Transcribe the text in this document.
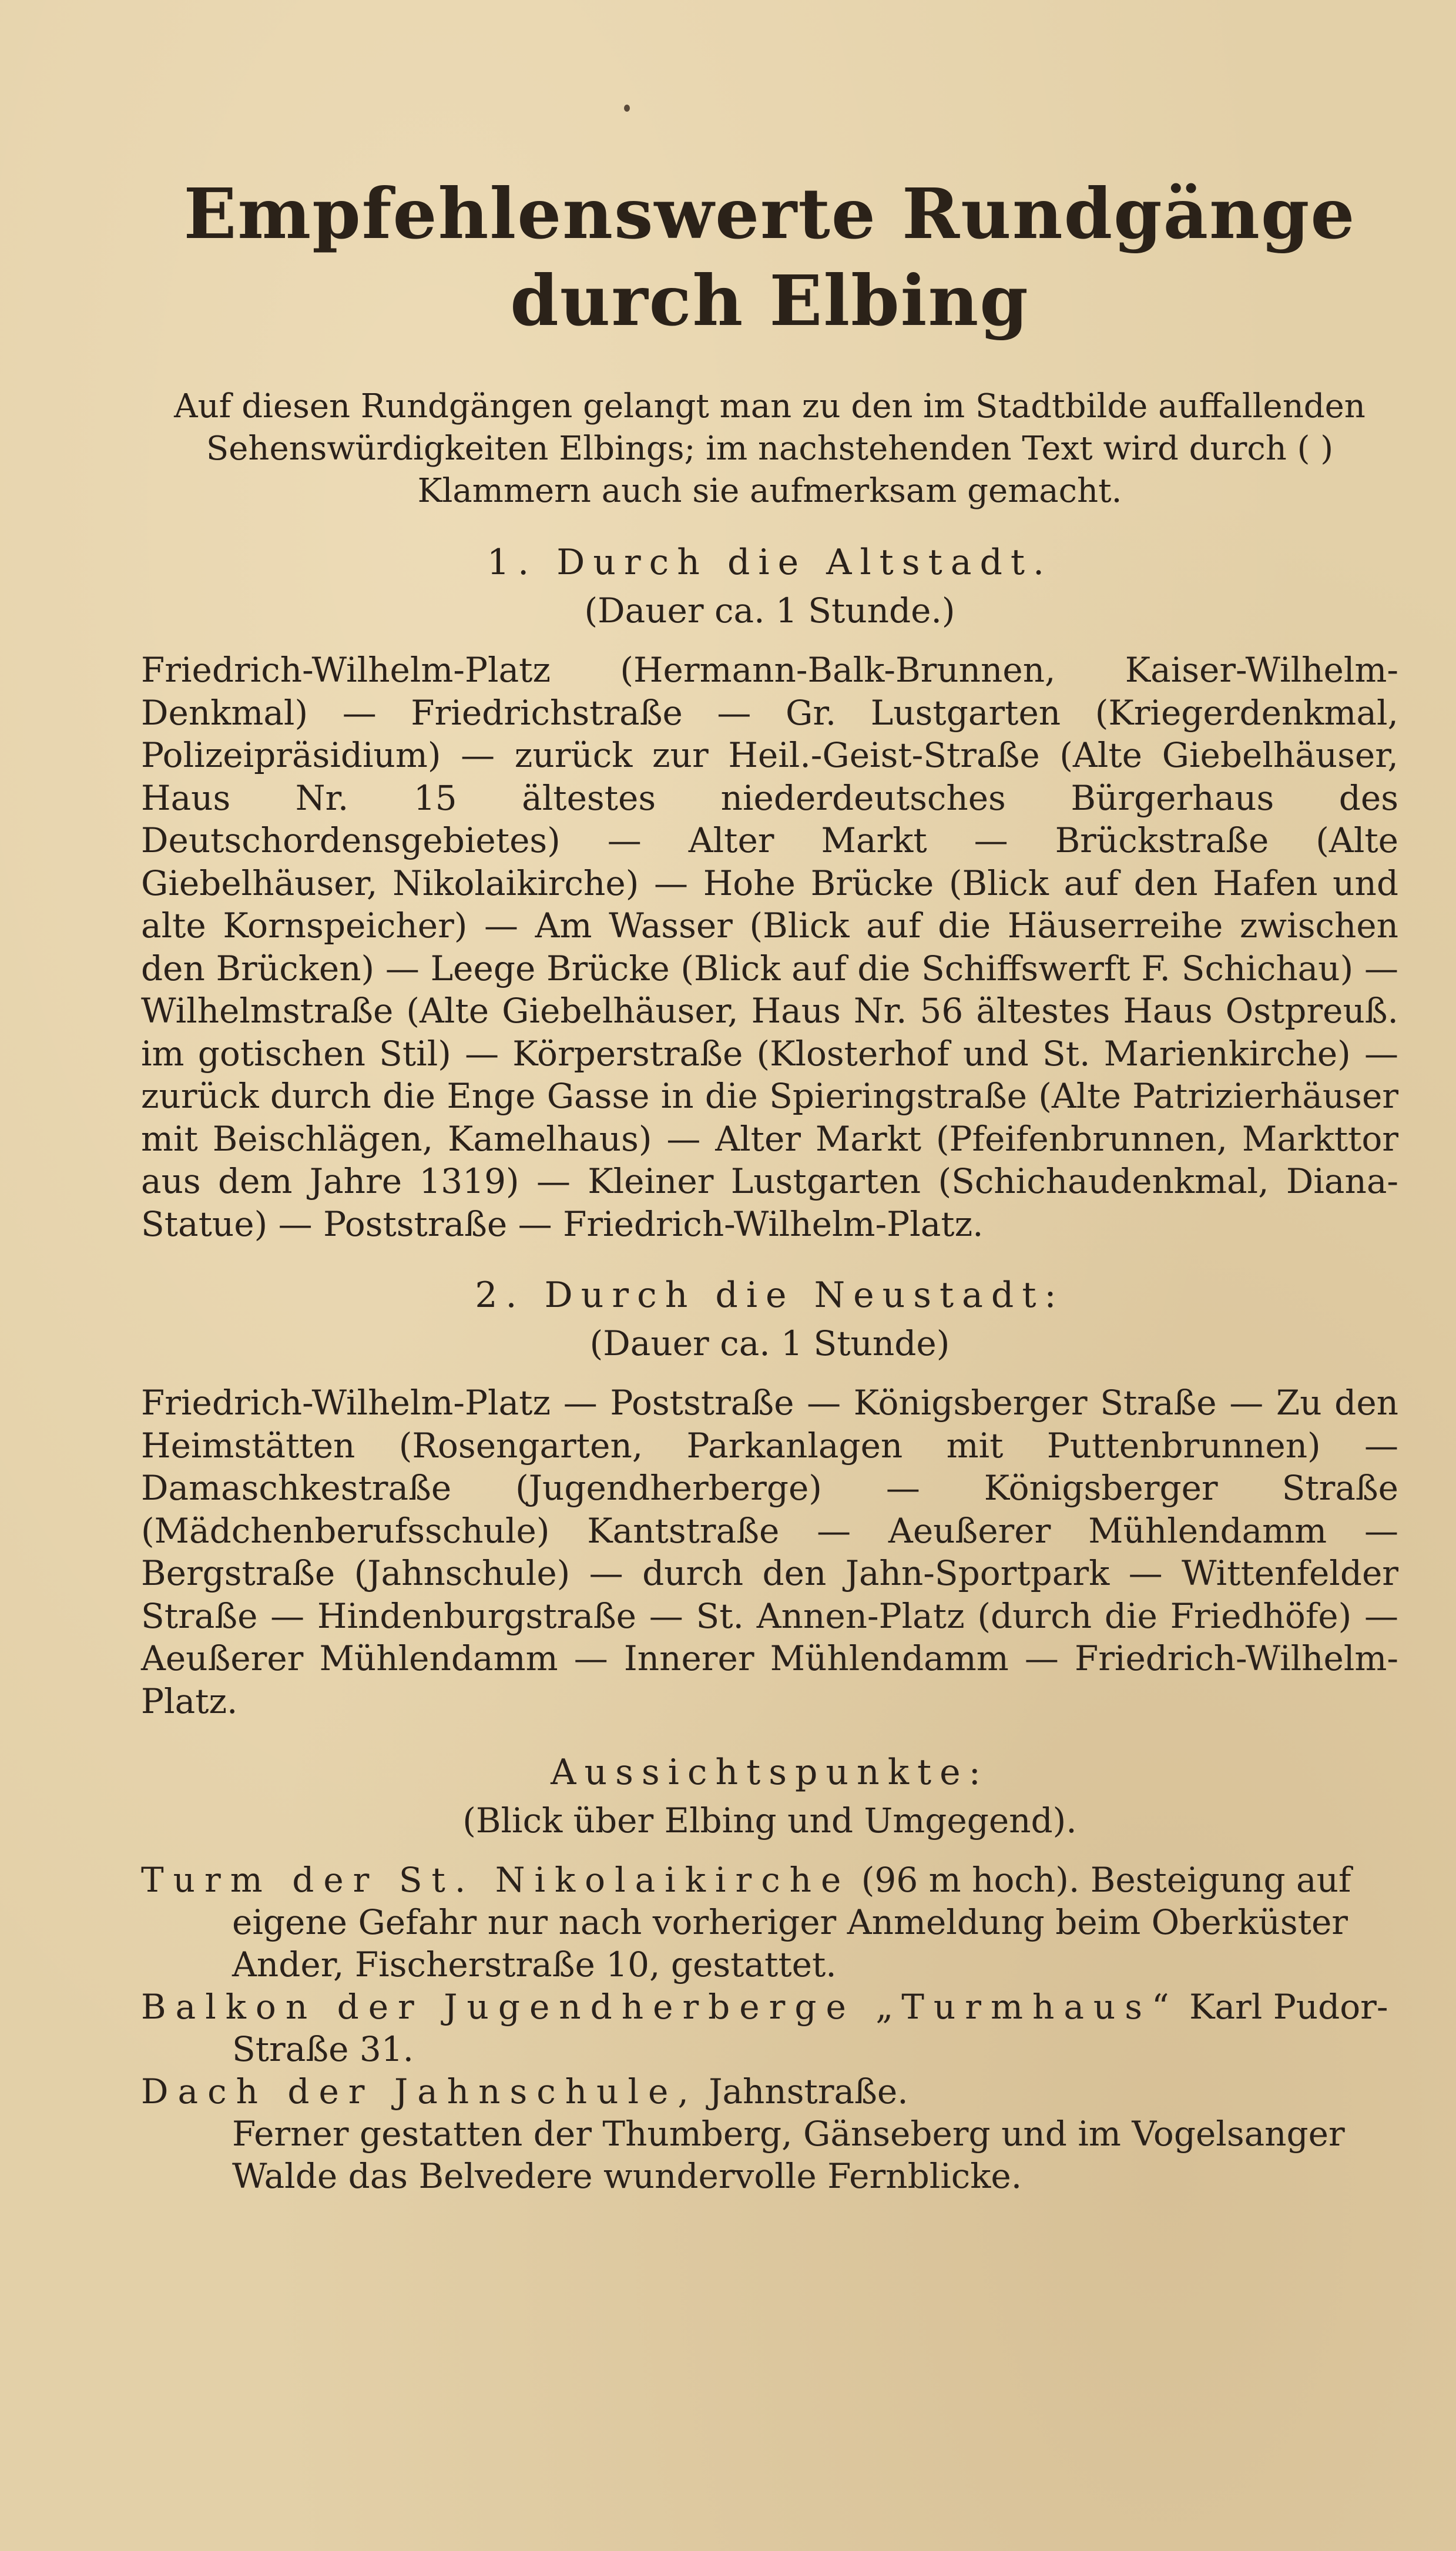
Empfehlenswerte Rundgänge
durch Elbing

Auf diesen Rundgängen gelangt man zu den im Stadtbilde auffallenden Sehenswürdigkeiten Elbings; im nachstehenden Text wird durch ( ) Klammern auch sie aufmerksam gemacht.

1. Durch die Altstadt.
(Dauer ca. 1 Stunde.)

Friedrich-Wilhelm-Platz (Hermann-Balk-Brunnen, Kaiser-Wilhelm-Denkmal) — Friedrichstraße — Gr. Lustgarten (Kriegerdenkmal, Polizeipräsidium) — zurück zur Heil.-Geist-Straße (Alte Giebelhäuser, Haus Nr. 15 ältestes niederdeutsches Bürgerhaus des Deutschordensgebietes) — Alter Markt — Brückstraße (Alte Giebelhäuser, Nikolaikirche) — Hohe Brücke (Blick auf den Hafen und alte Kornspeicher) — Am Wasser (Blick auf die Häuserreihe zwischen den Brücken) — Leege Brücke (Blick auf die Schiffswerft F. Schichau) — Wilhelmstraße (Alte Giebelhäuser, Haus Nr. 56 ältestes Haus Ostpreuß. im gotischen Stil) — Körperstraße (Klosterhof und St. Marienkirche) — zurück durch die Enge Gasse in die Spieringstraße (Alte Patrizierhäuser mit Beischlägen, Kamelhaus) — Alter Markt (Pfeifenbrunnen, Markttor aus dem Jahre 1319) — Kleiner Lustgarten (Schichaudenkmal, Diana-Statue) — Poststraße — Friedrich-Wilhelm-Platz.

2. Durch die Neustadt:
(Dauer ca. 1 Stunde)

Friedrich-Wilhelm-Platz — Poststraße — Königsberger Straße — Zu den Heimstätten (Rosengarten, Parkanlagen mit Puttenbrunnen) — Damaschkestraße (Jugendherberge) — Königsberger Straße (Mädchenberufsschule) Kantstraße — Aeußerer Mühlendamm — Bergstraße (Jahnschule) — durch den Jahn-Sportpark — Wittenfelder Straße — Hindenburgstraße — St. Annen-Platz (durch die Friedhöfe) — Aeußerer Mühlendamm — Innerer Mühlendamm — Friedrich-Wilhelm-Platz.

Aussichtspunkte:
(Blick über Elbing und Umgegend).

Turm der St. Nikolaikirche (96 m hoch). Besteigung auf eigene Gefahr nur nach vorheriger Anmeldung beim Oberküster Ander, Fischerstraße 10, gestattet.

Balkon der Jugendherberge „Turmhaus“ Karl Pudor-Straße 31.

Dach der Jahnschule, Jahnstraße.

Ferner gestatten der Thumberg, Gänseberg und im Vogelsanger Walde das Belvedere wundervolle Fernblicke.
